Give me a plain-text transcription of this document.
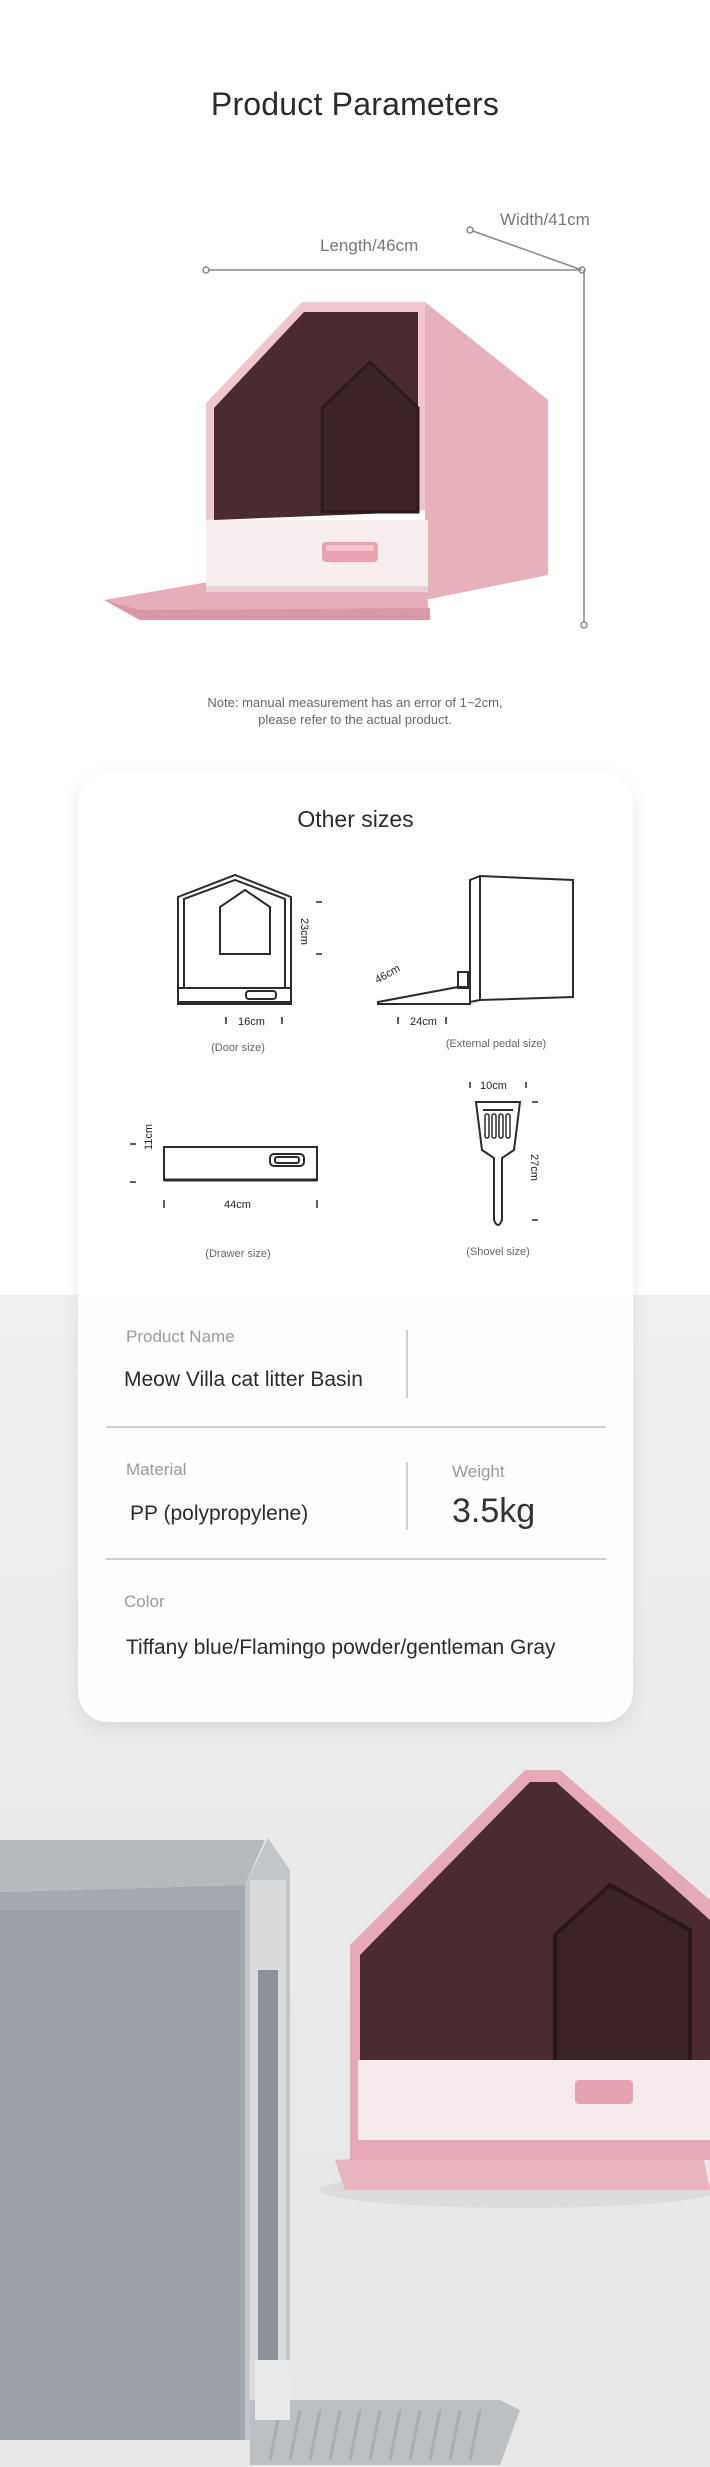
Product Parameters
Length/46cm
Width/41cm

Note: manual measurement has an error of 1~2cm,
please refer to the actual product.
Other sizes
16cm
23cm
24cm
46cm
44cm
11cm
10cm
27cm
(Door size)	(External pedal size)
(Drawer size)	(Shovel size)
Product Name
Meow Villa cat litter Basin
Material
PP (polypropylene)
Weight
3.5kg
Color
Tiffany blue/Flamingo powder/gentleman Gray
